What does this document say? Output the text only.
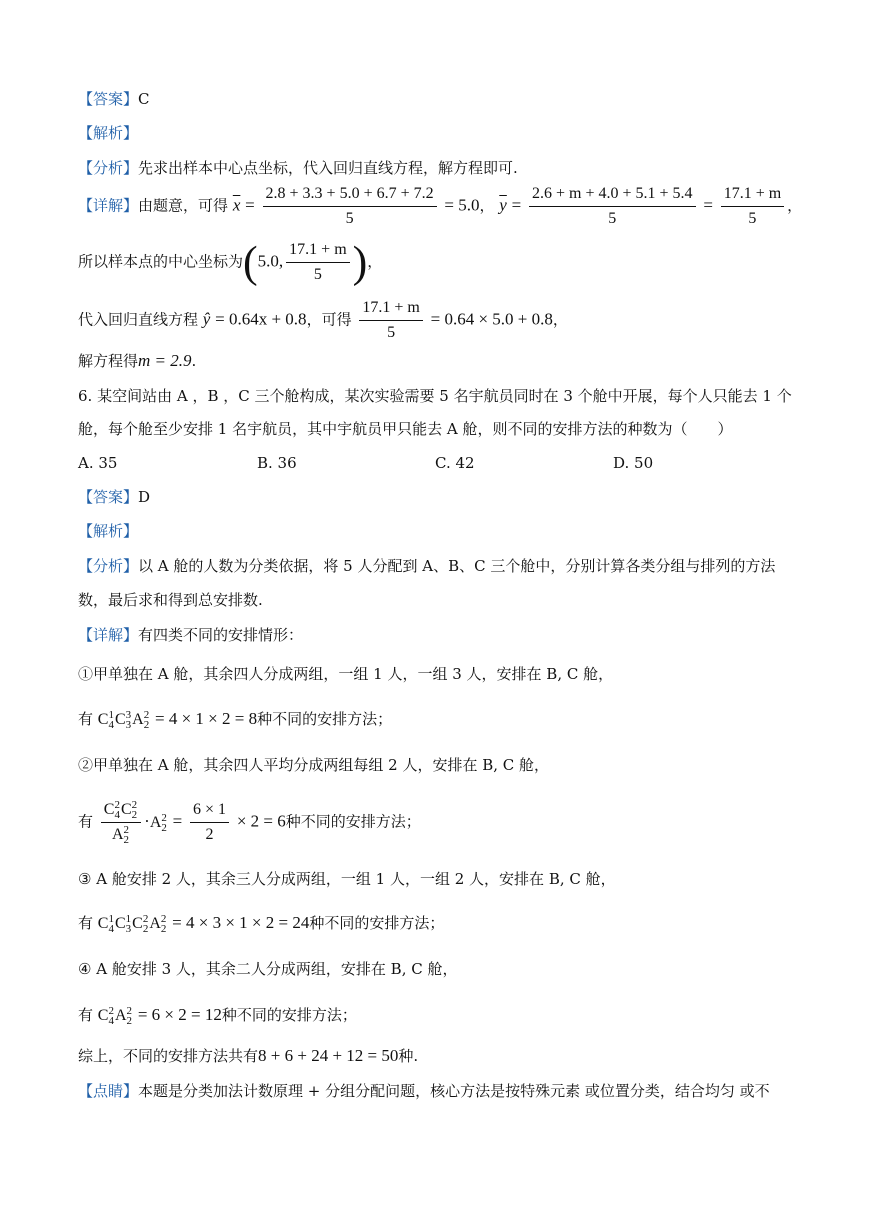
【答案】C
【解析】
【分析】先求出样本中心点坐标，代入回归直线方程，解方程即可.
【详解】由题意，可得 $\overline{x} = \frac{2.8 + 3.3 + 5.0 + 6.7 + 7.2}{5} = 5.0$， $\overline{y} = \frac{2.6 + m + 4.0 + 5.1 + 5.4}{5} = \frac{17.1 + m}{5}$ ，
所以样本点的中心坐标为(5.0, $\frac{17.1 + m}{5}$ )，
代入回归直线方程 ŷ = 0.64x + 0.8，可得 $\frac{17.1 + m}{5} = 0.64 \times 5.0 + 0.8$，
解方程得m = 2.9.
6. 某空间站由 A ，B ，C 三个舱构成，某次实验需要 5 名宇航员同时在 3 个舱中开展，每个人只能去 1 个
舱，每个舱至少安排 1 名宇航员，其中宇航员甲只能去 A 舱，则不同的安排方法的种数为（　　）
A. 35	B. 36	C. 42	D. 50
【答案】D
【解析】
【分析】以 A 舱的人数为分类依据，将 5 人分配到 A、B、C 三个舱中，分别计算各类分组与排列的方法
数，最后求和得到总安排数.
【详解】有四类不同的安排情形：
①甲单独在 A 舱，其余四人分成两组，一组 1 人，一组 3 人，安排在 B, C 舱，
有 C 1
4 C 3
3 A 2
2 = 4 × 1 × 2 = 8种不同的安排方法；
②甲单独在 A 舱，其余四人平均分成两组每组 2 人，安排在 B, C 舱，
有 C 2
4 C 2
2
A 2
2 · A 2
$2 = \frac{6 \times 1}{2} \times 2 = 6$种不同的安排方法；
③ A 舱安排 2 人，其余三人分成两组，一组 1 人，一组 2 人，安排在 B, C 舱，
有 C 1
4 C 1
3 C 2
2 A 2
2 = 4 × 3 × 1 × 2 = 24种不同的安排方法；
④ A 舱安排 3 人，其余二人分成两组，安排在 B, C 舱，
有 C 2
4 A 2
2 = 6 × 2 = 12种不同的安排方法；
综上，不同的安排方法共有8 + 6 + 24 + 12 = 50种.
【点睛】本题是分类加法计数原理 + 分组分配问题，核心方法是按特殊元素 或位置分类，结合均匀 或不
